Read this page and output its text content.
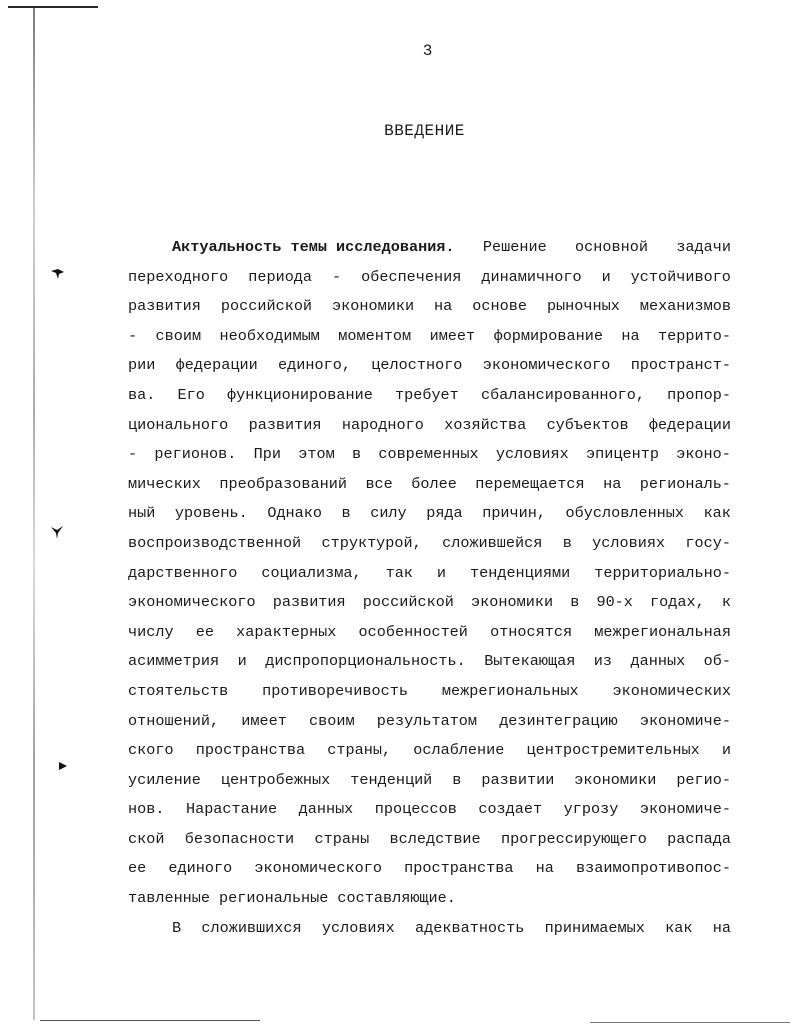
3
ВВЕДЕНИЕ
Актуальность темы исследования. Решение основной задачи
переходного периода - обеспечения динамичного и устойчивого
развития российской экономики на основе рыночных механизмов
- своим необходимым моментом имеет формирование на террито-
рии федерации единого, целостного экономического пространст-
ва. Его функционирование требует сбалансированного, пропор-
ционального развития народного хозяйства субъектов федерации
- регионов. При этом в современных условиях эпицентр эконо-
мических преобразований все более перемещается на региональ-
ный уровень. Однако в силу ряда причин, обусловленных как
воспроизводственной структурой, сложившейся в условиях госу-
дарственного социализма, так и тенденциями территориально-
экономического развития российской экономики в 90-х годах, к
числу ее характерных особенностей относятся межрегиональная
асимметрия и диспропорциональность. Вытекающая из данных об-
стоятельств противоречивость межрегиональных экономических
отношений, имеет своим результатом дезинтеграцию экономиче-
ского пространства страны, ослабление центростремительных и
усиление центробежных тенденций в развитии экономики регио-
нов. Нарастание данных процессов создает угрозу экономиче-
ской безопасности страны вследствие прогрессирующего распада
ее единого экономического пространства на взаимопротивопос-
тавленные региональные составляющие.
В сложившихся условиях адекватность принимаемых как на
